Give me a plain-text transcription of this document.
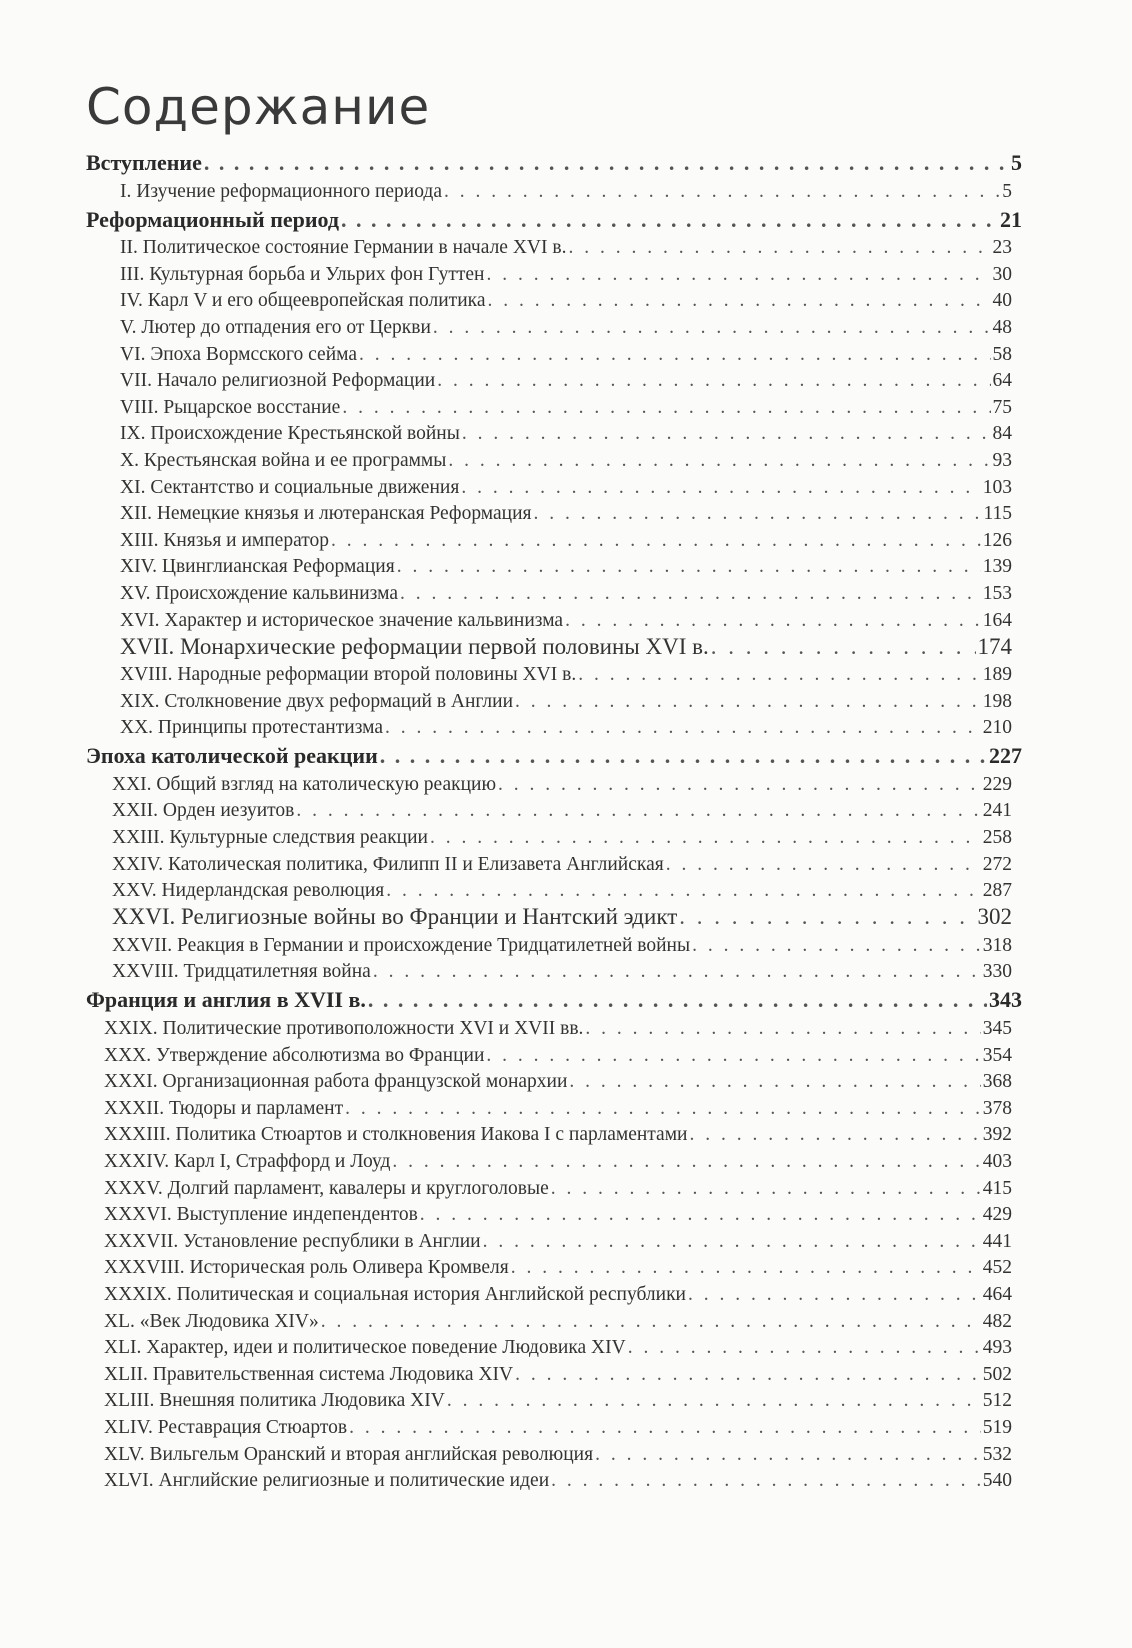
Содержание
Вступление . . .	5
I. Изучение реформационного периода . . .	5
Реформационный период . . .	21
II. Политическое состояние Германии в начале XVI в. . . .	23
III. Культурная борьба и Ульрих фон Гуттен . . .	30
IV. Карл V и его общеевропейская политика . . .	40
V. Лютер до отпадения его от Церкви . . .	48
VI. Эпоха Вормсского сейма . . .	58
VII. Начало религиозной Реформации . . .	64
VIII. Рыцарское восстание . . .	75
IX. Происхождение Крестьянской войны . . .	84
X. Крестьянская война и ее программы . . .	93
XI. Сектантство и социальные движения . . .	103
XII. Немецкие князья и лютеранская Реформация . . .	115
XIII. Князья и император . . .	126
XIV. Цвинглианская Реформация . . .	139
XV. Происхождение кальвинизма . . .	153
XVI. Характер и историческое значение кальвинизма . . .	164
XVII. Монархические реформации первой половины XVI в. . . .	174
XVIII. Народные реформации второй половины XVI в. . . .	189
XIX. Столкновение двух реформаций в Англии . . .	198
XX. Принципы протестантизма . . .	210
Эпоха католической реакции . . .	227
XXI. Общий взгляд на католическую реакцию . . .	229
XXII. Орден иезуитов . . .	241
XXIII. Культурные следствия реакции . . .	258
XXIV. Католическая политика, Филипп II и Елизавета Английская . . .	272
XXV. Нидерландская революция . . .	287
XXVI. Религиозные войны во Франции и Нантский эдикт . . .	302
XXVII. Реакция в Германии и происхождение Тридцатилетней войны . . .	318
XXVIII. Тридцатилетняя война . . .	330
Франция и англия в XVII в. . . .	343
XXIX. Политические противоположности XVI и XVII вв. . . .	345
XXX. Утверждение абсолютизма во Франции . . .	354
XXXI. Организационная работа французской монархии . . .	368
XXXII. Тюдоры и парламент . . .	378
XXXIII. Политика Стюартов и столкновения Иакова I с парламентами . . .	392
XXXIV. Карл I, Страффорд и Лоуд . . .	403
XXXV. Долгий парламент, кавалеры и круглоголовые . . .	415
XXXVI. Выступление индепендентов . . .	429
XXXVII. Установление республики в Англии . . .	441
XXXVIII. Историческая роль Оливера Кромвеля . . .	452
XXXIX. Политическая и социальная история Английской республики . . .	464
XL. «Век Людовика XIV» . . .	482
XLI. Характер, идеи и политическое поведение Людовика XIV . . .	493
XLII. Правительственная система Людовика XIV . . .	502
XLIII. Внешняя политика Людовика XIV . . .	512
XLIV. Реставрация Стюартов . . .	519
XLV. Вильгельм Оранский и вторая английская революция . . .	532
XLVI. Английские религиозные и политические идеи . . .	540
